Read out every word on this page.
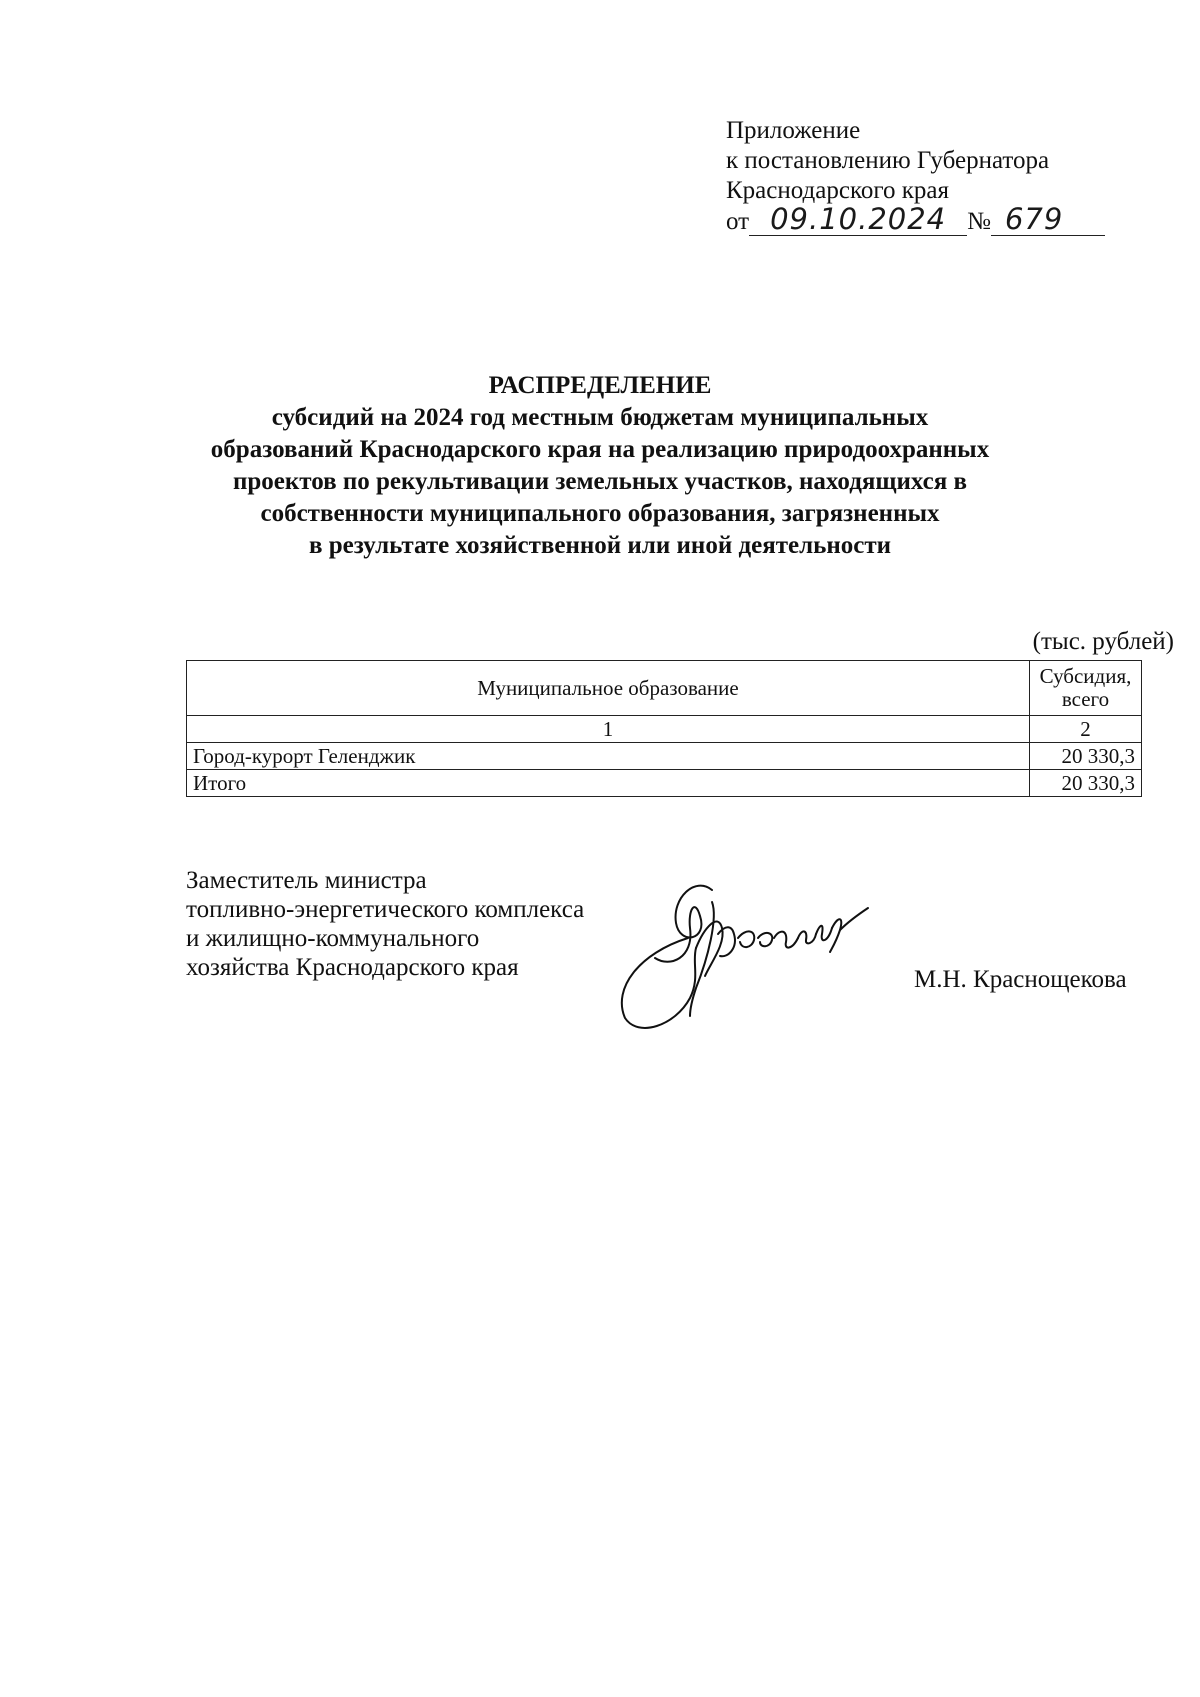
Приложение
к постановлению Губернатора
Краснодарского края
от 09.10.2024 № 679
РАСПРЕДЕЛЕНИЕ
субсидий на 2024 год местным бюджетам муниципальных
образований Краснодарского края на реализацию природоохранных
проектов по рекультивации земельных участков, находящихся в
собственности муниципального образования, загрязненных
в результате хозяйственной или иной деятельности
(тыс. рублей)
Муниципальное образование	Субсидия,
всего

1	2
Город-курорт Геленджик	20 330,3
Итого	20 330,3
Заместитель министра
топливно-энергетического комплекса
и жилищно-коммунального
хозяйства Краснодарского края	М.Н. Краснощекова
